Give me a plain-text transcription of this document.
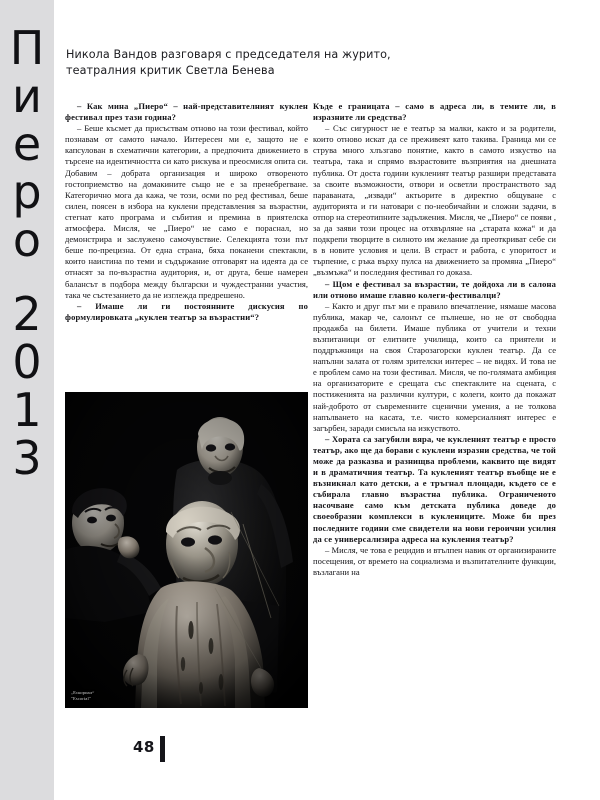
П
и
е
р
о
2
0
1
3
Никола Вандов разговаря с председателя на журито,
театралния критик Светла Бенева

– Как мина „Пиеро“ – най-представителният куклен фестивал през тази година?

– Беше късмет да присъствам отново на този фестивал, който познавам от самото начало. Интересен ми е, защото не е капсулован в схематични категории, а предпочита движението в търсене на идентичността си като рискува и преосмисля опита си. Добавим – добрата организация и широко отвореното гостоприемство на домакините също не е за пренебрегване. Категорично мога да кажа, че този, осми по ред фестивал, беше силен, поясен в избора на куклени представления за възрастни, стегнат като програма и събития и премина в приятелска атмосфера. Мисля, че „Пиеро“ не само е пораснал, но демонстрира и заслужено самочувствие. Селекцията този път беше по-прецизна. От една страна, бяха поканени спектакли, които наистина по теми и съдържание отговарят на идеята да се отнасят за по-възрастна аудитория, и, от друга, беше намерен балансът в подбора между български и чуждестранни участия, така че състезанието да не изглежда предрешено.

– Имаше ли ги постоянните дискусия по формулировката „куклен театър за възрастни“?

Къде е границата – само в адреса ли, в темите ли, в изразните ли средства?

– Със сигурност не е театър за малки, както и за родители, които отново искат да се преживеят като такива. Граница ми се струва много хлъзгаво понятие, както в самото изкуство на театъра, така и спрямо възрастовите възприятия на днешната публика. От доста години кукленият театър разшири представата за своите възможности, отвори и осветли пространството зад параваната, „извади“ актьорите в директно общуване с аудиторията и ги натовари с по-необичайни и сложни задачи, в отпор на стереотипните задължения. Мисля, че „Пиеро“ се появи , за да заяви този процес на отхвърляне на „старата кожа“ и да подкрепи творците в силното им желание да преоткриват себе си в в новите условия и цели. В страст и работа, с упоритост и търпение, с ръка върху пулса на движението за промяна „Пиеро“ „възмъжа“ и последния фестивал го доказа.

– Щом е фестивал за възрастни, те дойдоха ли в салона или отново имаше главно колеги-фестивалци?

– Както и друг път ми е правило впечатление, нямаше масова публика, макар че, салонът се пълнеше, но не от свободна продажба на билети. Имаше публика от учители и техни възпитаници от елитните училища, които са приятели и поддръжници на своя Старозагорски куклен театър. Да се напълни залата от голям зрителски интерес – не видях. И това не е проблем само на този фестивал. Мисля, че по-голямата амбиция на организаторите е срещата със спектаклите на сцената, с постиженията на различни култури, с колеги, които да покажат най-доброто от съвременните сценични умения, а не толкова напълването на касата, т.е. чисто комерсиалният интерес е загърбен, заради смисъла на изкуството.

– Хората са загубили вяра, че кукленият театър е просто театър, ако ще да борави с куклени изразни средства, че той може да разказва и разнищва проблеми, каквито ще видят и в драматичния театър. Та кукленият театър въобще не е възникнал като детски, а е тръгнал площади, където се е събирала главно възрастна публика. Ограниченото насочване само към детската публика доведе до своеобразни комплекси в куклениците. Може би през последните години сме свидетели на нови героични усилия да се универсализира адреса на кукления театър?

– Мисля, че това е рецидив и втълпен навик от организираните посещения, от времето на социализма и възпитателните функции, възлагани на

„Ескориал“
"Escorial"
48
